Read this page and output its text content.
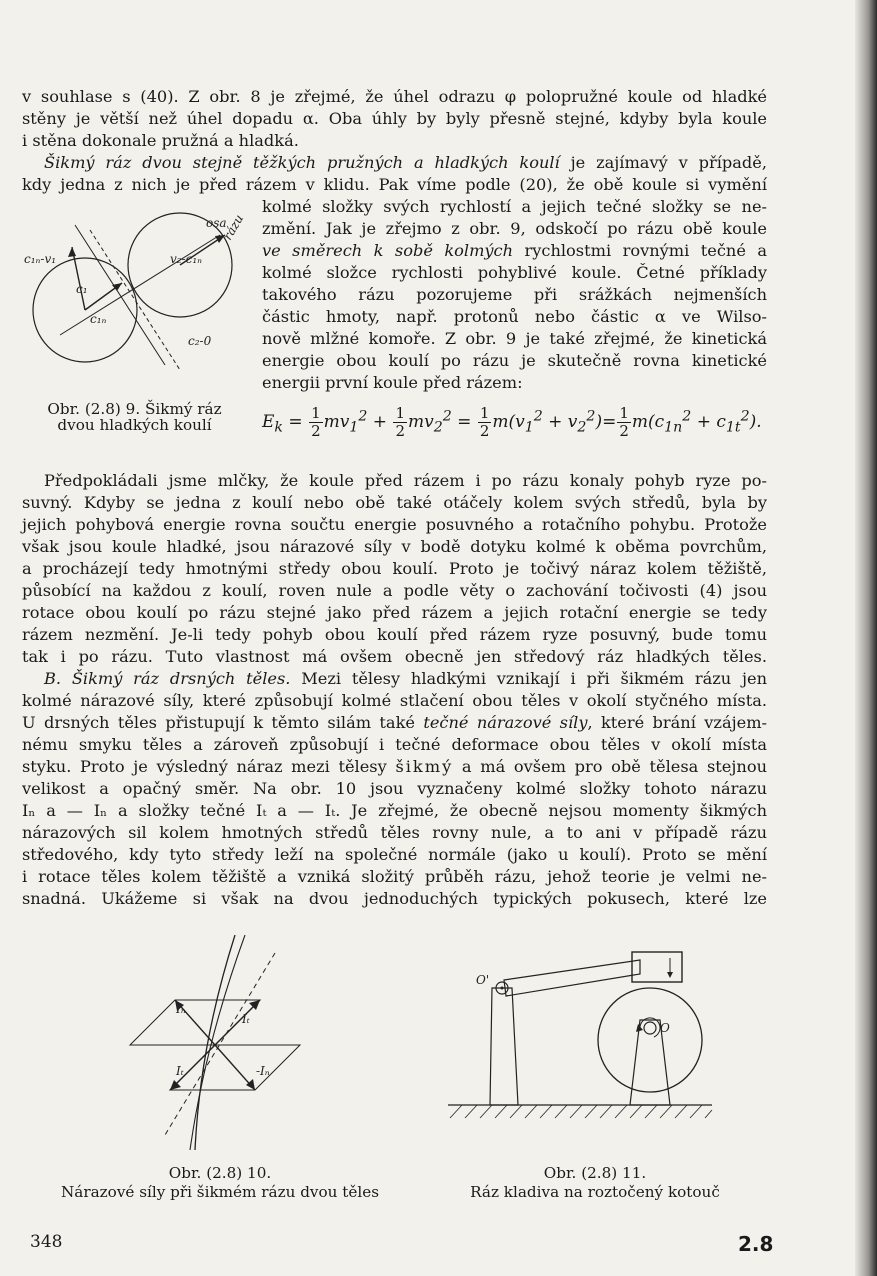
v souhlase s (40). Z obr. 8 je zřejmé, že úhel odrazu φ polopružné koule od hladké
stěny je větší než úhel dopadu α. Oba úhly by byly přesně stejné, kdyby byla koule
i stěna dokonale pružná a hladká.
Šikmý ráz dvou stejně těžkých pružných a hladkých koulí je zajímavý v případě,
kdy jedna z nich je před rázem v klidu. Pak víme podle (20), že obě koule si vymění
kolmé složky svých rychlostí a jejich tečné složky se ne-
změní. Jak je zřejmo z obr. 9, odskočí po rázu obě koule
ve směrech k sobě kolmých rychlostmi rovnými tečné a
kolmé složce rychlosti pohyblivé koule. Četné příklady
takového rázu pozorujeme při srážkách nejmenších
částic hmoty, např. protonů nebo částic α ve Wilso-
nově mlžné komoře. Z obr. 9 je také zřejmé, že kinetická
energie obou koulí po rázu je skutečně rovna kinetické
energii první koule před rázem:
c₁ₙ-v₁
osa
rázu
v₂-c₁ₙ
c₁
c₁ₙ
c₂-0
Obr. (2.8) 9. Šikmý ráz
dvou hladkých koulí	$E_k = \frac{1}{2} mv_1^2 + \frac{1}{2} mv_2^2 = \frac{1}{2} m(v_1^2 + v_2^2)= \frac{1}{2} m(c_{1n}^2 + c_{1t}^2)$.
Předpokládali jsme mlčky, že koule před rázem i po rázu konaly pohyb ryze po-
suvný. Kdyby se jedna z koulí nebo obě také otáčely kolem svých středů, byla by
jejich pohybová energie rovna součtu energie posuvného a rotačního pohybu. Protože
však jsou koule hladké, jsou nárazové síly v bodě dotyku kolmé k oběma povrchům,
a procházejí tedy hmotnými středy obou koulí. Proto je točivý náraz kolem těžiště,
působící na každou z koulí, roven nule a podle věty o zachování točivosti (4) jsou
rotace obou koulí po rázu stejné jako před rázem a jejich rotační energie se tedy
rázem nezmění. Je-li tedy pohyb obou koulí před rázem ryze posuvný, bude tomu
tak i po rázu. Tuto vlastnost má ovšem obecně jen středový ráz hladkých těles.
B. Šikmý ráz drsných těles. Mezi tělesy hladkými vznikají i při šikmém rázu jen
kolmé nárazové síly, které způsobují kolmé stlačení obou těles v okolí styčného místa.
U drsných těles přistupují k těmto silám také tečné nárazové síly, které brání vzájem-
nému smyku těles a zároveň způsobují i tečné deformace obou těles v okolí místa
styku. Proto je výsledný náraz mezi tělesy šikmý a má ovšem pro obě tělesa stejnou
velikost a opačný směr. Na obr. 10 jsou vyznačeny kolmé složky tohoto nárazu
Iₙ a — Iₙ a složky tečné Iₜ a — Iₜ. Je zřejmé, že obecně nejsou momenty šikmých
nárazových sil kolem hmotných středů těles rovny nule, a to ani v případě rázu
středového, kdy tyto středy leží na společné normále (jako u koulí). Proto se mění
i rotace těles kolem těžiště a vzniká složitý průběh rázu, jehož teorie je velmi ne-
snadná. Ukážeme si však na dvou jednoduchých typických pokusech, které lze
Iₙ
Iₜ
Iₜ	-Iₙ
Obr. (2.8) 10.
Nárazové síly při šikmém rázu dvou těles
O'
O
Obr. (2.8) 11.
Ráz kladiva na roztočený kotouč
348	2.8
